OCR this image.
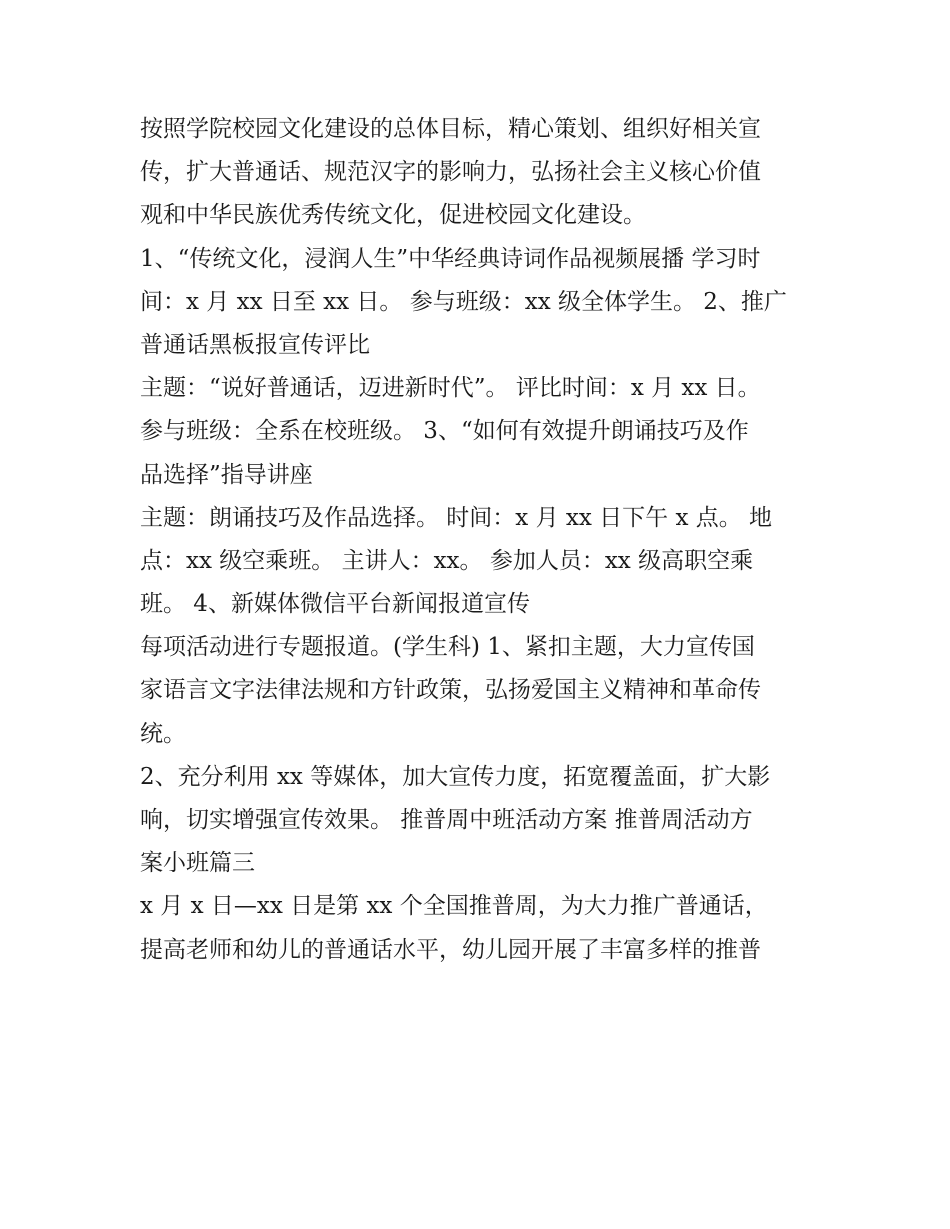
按照学院校园文化建设的总体目标，精心策划、组织好相关宣
传，扩大普通话、规范汉字的影响力，弘扬社会主义核心价值
观和中华民族优秀传统文化，促进校园文化建设。
1、“传统文化，浸润人生”中华经典诗词作品视频展播 学习时
间：x 月 xx 日至 xx 日。 参与班级：xx 级全体学生。 2、推广
普通话黑板报宣传评比
主题：“说好普通话，迈进新时代”。 评比时间：x 月 xx 日。
参与班级：全系在校班级。 3、“如何有效提升朗诵技巧及作
品选择”指导讲座
主题：朗诵技巧及作品选择。 时间：x 月 xx 日下午 x 点。 地
点：xx 级空乘班。 主讲人：xx。 参加人员：xx 级高职空乘
班。 4、新媒体微信平台新闻报道宣传
每项活动进行专题报道。(学生科) 1、紧扣主题，大力宣传国
家语言文字法律法规和方针政策，弘扬爱国主义精神和革命传
统。
2、充分利用 xx 等媒体，加大宣传力度，拓宽覆盖面，扩大影
响，切实增强宣传效果。 推普周中班活动方案 推普周活动方
案小班篇三
x 月 x 日—xx 日是第 xx 个全国推普周，为大力推广普通话，
提高老师和幼儿的普通话水平，幼儿园开展了丰富多样的推普
